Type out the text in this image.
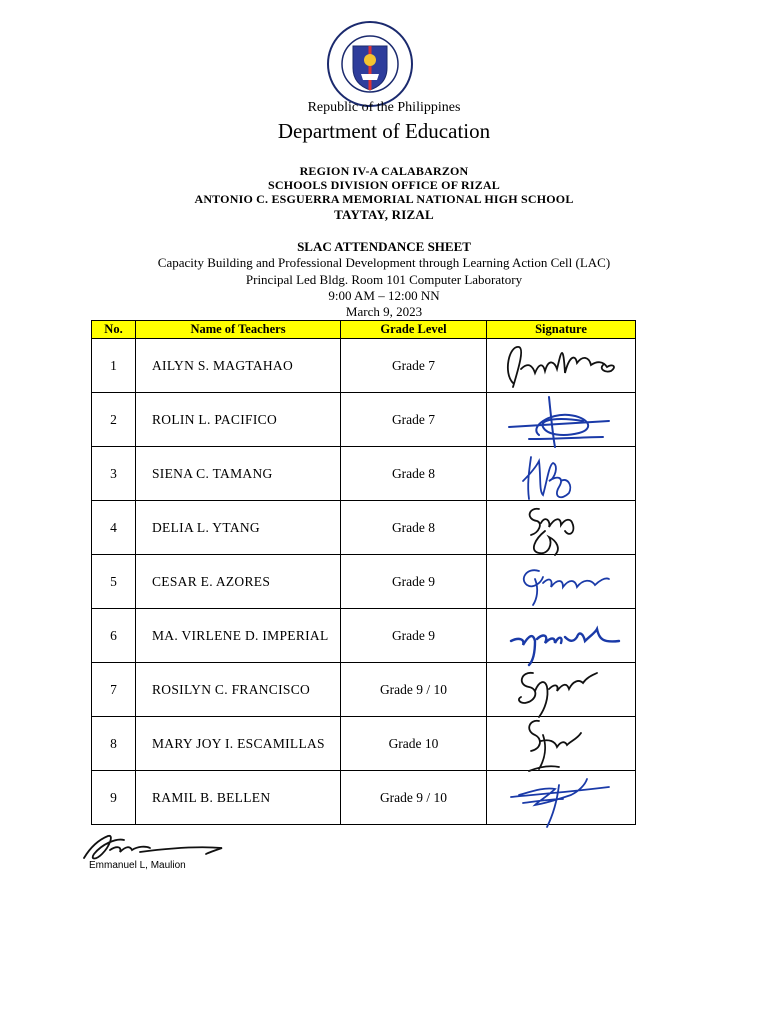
Republic of the Philippines
Department of Education
REGION IV-A CALABARZON
SCHOOLS DIVISION OFFICE OF RIZAL
ANTONIO C. ESGUERRA MEMORIAL NATIONAL HIGH SCHOOL
TAYTAY, RIZAL
SLAC ATTENDANCE SHEET
Capacity Building and Professional Development through Learning Action Cell (LAC)
Principal Led Bldg. Room 101 Computer Laboratory
9:00 AM – 12:00 NN
March 9, 2023
No.	Name of Teachers	Grade Level	Signature
1	AILYN S. MAGTAHAO	Grade 7	

2	ROLIN L. PACIFICO	Grade 7	

3	SIENA C. TAMANG	Grade 8	

4	DELIA L. YTANG	Grade 8	

5	CESAR E. AZORES	Grade 9	

6	MA. VIRLENE D. IMPERIAL	Grade 9	

7	ROSILYN C. FRANCISCO	Grade 9 / 10	

8	MARY JOY I. ESCAMILLAS	Grade 10	

9	RAMIL B. BELLEN	Grade 9 / 10	
Emmanuel L, Maulion
